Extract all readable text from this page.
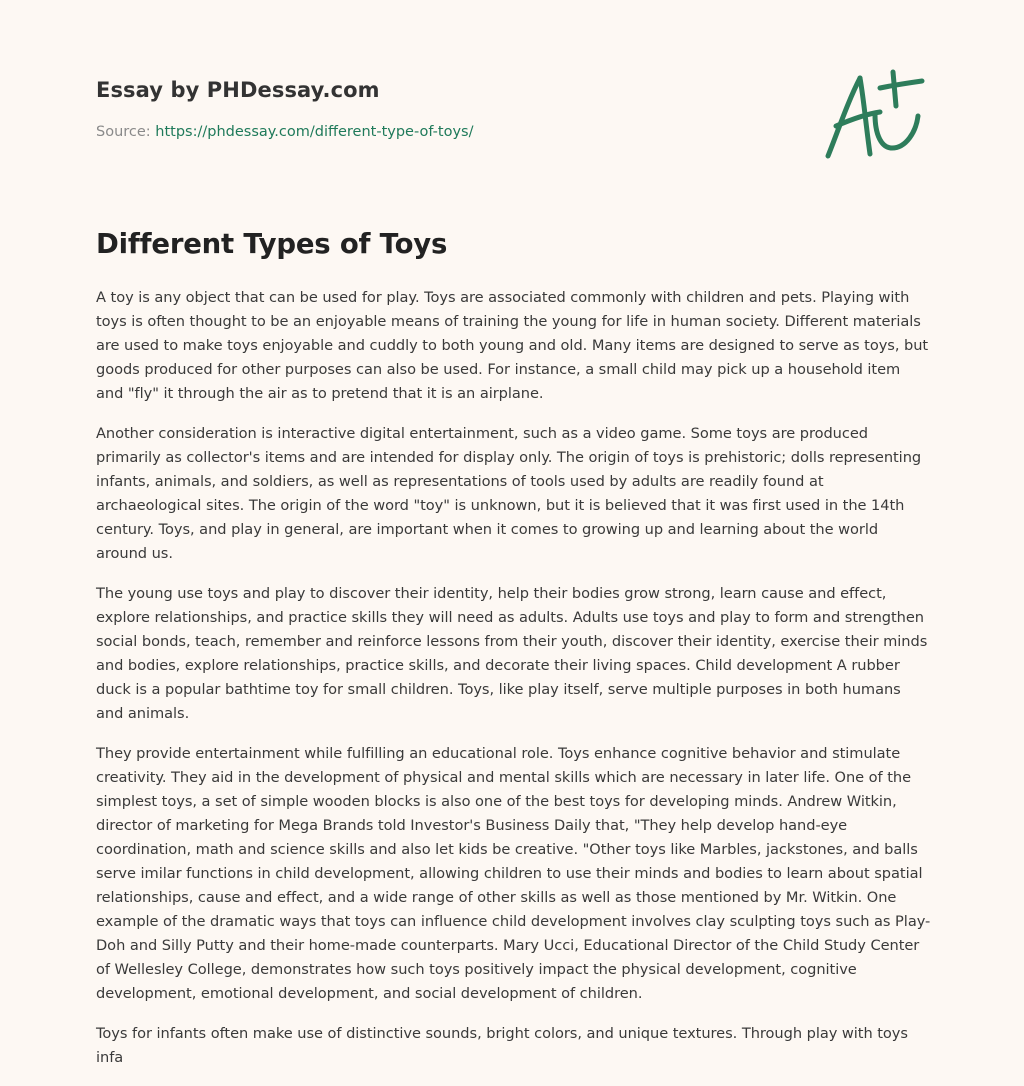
Essay by PHDessay.com
Source: https://phdessay.com/different-type-of-toys/
Different Types of Toys

A toy is any object that can be used for play. Toys are associated commonly with children and pets. Playing with toys is often thought to be an enjoyable means of training the young for life in human society. Different materials are used to make toys enjoyable and cuddly to both young and old. Many items are designed to serve as toys, but goods produced for other purposes can also be used. For instance, a small child may pick up a household item and "fly" it through the air as to pretend that it is an airplane.

Another consideration is interactive digital entertainment, such as a video game. Some toys are produced primarily as collector's items and are intended for display only. The origin of toys is prehistoric; dolls representing infants, animals, and soldiers, as well as representations of tools used by adults are readily found at archaeological sites. The origin of the word "toy" is unknown, but it is believed that it was first used in the 14th century. Toys, and play in general, are important when it comes to growing up and learning about the world around us.

The young use toys and play to discover their identity, help their bodies grow strong, learn cause and effect, explore relationships, and practice skills they will need as adults. Adults use toys and play to form and strengthen social bonds, teach, remember and reinforce lessons from their youth, discover their identity, exercise their minds and bodies, explore relationships, practice skills, and decorate their living spaces. Child development A rubber duck is a popular bathtime toy for small children. Toys, like play itself, serve multiple purposes in both humans and animals.

They provide entertainment while fulfilling an educational role. Toys enhance cognitive behavior and stimulate creativity. They aid in the development of physical and mental skills which are necessary in later life. One of the simplest toys, a set of simple wooden blocks is also one of the best toys for developing minds. Andrew Witkin, director of marketing for Mega Brands told Investor's Business Daily that, "They help develop hand-eye coordination, math and science skills and also let kids be creative. "Other toys like Marbles, jackstones, and balls serve imilar functions in child development, allowing children to use their minds and bodies to learn about spatial relationships, cause and effect, and a wide range of other skills as well as those mentioned by Mr. Witkin. One example of the dramatic ways that toys can influence child development involves clay sculpting toys such as Play-Doh and Silly Putty and their home-made counterparts. Mary Ucci, Educational Director of the Child Study Center of Wellesley College, demonstrates how such toys positively impact the physical development, cognitive development, emotional development, and social development of children.

Toys for infants often make use of distinctive sounds, bright colors, and unique textures. Through play with toys infa
